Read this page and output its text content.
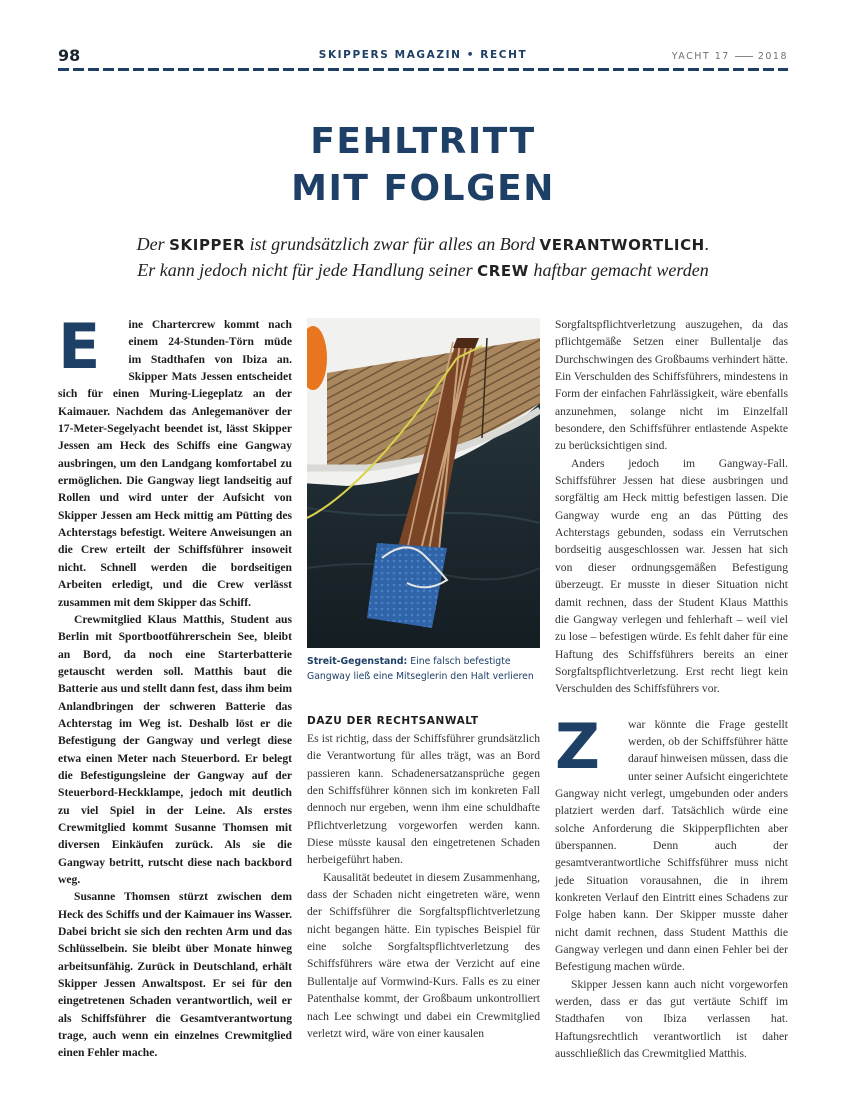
98	SKIPPERS MAGAZIN • RECHT	YACHT 17	2018
FEHLTRITT
MIT FOLGEN
Der SKIPPER ist grundsätzlich zwar für alles an Bord VERANTWORTLICH.
Er kann jedoch nicht für jede Handlung seiner CREW haftbar gemacht werden
E	ine Chartercrew kommt nach einem 24-Stunden-Törn müde im Stadthafen von Ibiza an. Skipper Mats Jessen entscheidet sich für einen Muring-Liegeplatz an der Kaimauer. Nachdem das Anlegemanöver der 17-Meter-Segelyacht beendet ist, lässt Skipper Jessen am Heck des Schiffs eine Gangway ausbringen, um den Landgang komfortabel zu ermöglichen. Die Gangway liegt landseitig auf Rollen und wird unter der Aufsicht von Skipper Jessen am Heck mittig am Pütting des Achterstags befestigt. Weitere Anweisungen an die Crew erteilt der Schiffsführer insoweit nicht. Schnell werden die bordseitigen Arbeiten erledigt, und die Crew verlässt zusammen mit dem Skipper das Schiff.

Crewmitglied Klaus Matthis, Student aus Berlin mit Sportbootführerschein See, bleibt an Bord, da noch eine Starterbatterie getauscht werden soll. Matthis baut die Batterie aus und stellt dann fest, dass ihm beim Anlandbringen der schweren Batterie das Achterstag im Weg ist. Deshalb löst er die Befestigung der Gangway und verlegt diese etwa einen Meter nach Steuerbord. Er belegt die Befestigungsleine der Gangway auf der Steuerbord-Heckklampe, jedoch mit deutlich zu viel Spiel in der Leine. Als erstes Crewmitglied kommt Susanne Thomsen mit diversen Einkäufen zurück. Als sie die Gangway betritt, rutscht diese nach backbord weg.

Susanne Thomsen stürzt zwischen dem Heck des Schiffs und der Kaimauer ins Wasser. Dabei bricht sie sich den rechten Arm und das Schlüsselbein. Sie bleibt über Monate hinweg arbeitsunfähig. Zurück in Deutschland, erhält Skipper Jessen Anwaltspost. Er sei für den eingetretenen Schaden verantwortlich, weil er als Schiffsführer die Gesamtverantwortung trage, auch wenn ein einzelnes Crewmitglied einen Fehler mache.

Streit-Gegenstand: Eine falsch befestigte Gangway ließ eine Mitseglerin den Halt verlieren
DAZU DER RECHTSANWALT

Es ist richtig, dass der Schiffsführer grundsätzlich die Verantwortung für alles trägt, was an Bord passieren kann. Schadenersatzansprüche gegen den Schiffsführer können sich im konkreten Fall dennoch nur ergeben, wenn ihm eine schuldhafte Pflichtverletzung vorgeworfen werden kann. Diese müsste kausal den eingetretenen Schaden herbeigeführt haben.

Kausalität bedeutet in diesem Zusammenhang, dass der Schaden nicht eingetreten wäre, wenn der Schiffsführer die Sorgfaltspflichtverletzung nicht begangen hätte. Ein typisches Beispiel für eine solche Sorgfaltspflichtverletzung des Schiffsführers wäre etwa der Verzicht auf eine Bullentalje auf Vormwind-Kurs. Falls es zu einer Patenthalse kommt, der Großbaum unkontrolliert nach Lee schwingt und dabei ein Crewmitglied verletzt wird, wäre von einer kausalen

Sorgfaltspflichtverletzung auszugehen, da das pflichtgemäße Setzen einer Bullentalje das Durchschwingen des Großbaums verhindert hätte. Ein Verschulden des Schiffsführers, mindestens in Form der einfachen Fahrlässigkeit, wäre ebenfalls anzunehmen, solange nicht im Einzelfall besondere, den Schiffsführer entlastende Aspekte zu berücksichtigen sind.

Anders jedoch im Gangway-Fall. Schiffsführer Jessen hat diese ausbringen und sorgfältig am Heck mittig befestigen lassen. Die Gangway wurde eng an das Pütting des Achterstags gebunden, sodass ein Verrutschen bordseitig ausgeschlossen war. Jessen hat sich von dieser ordnungsgemäßen Befestigung überzeugt. Er musste in dieser Situation nicht damit rechnen, dass der Student Klaus Matthis die Gangway verlegen und fehlerhaft – weil viel zu lose – befestigen würde. Es fehlt daher für eine Haftung des Schiffsführers bereits an einer Sorgfaltspflichtverletzung. Erst recht liegt kein Verschulden des Schiffsführers vor.

Z	war könnte die Frage gestellt werden, ob der Schiffsführer hätte darauf hinweisen müssen, dass die unter seiner Aufsicht eingerichtete Gangway nicht verlegt, umgebunden oder anders platziert werden darf. Tatsächlich würde eine solche Anforderung die Skipperpflichten aber überspannen. Denn auch der gesamtverantwortliche Schiffsführer muss nicht jede Situation vorausahnen, die in ihrem konkreten Verlauf den Eintritt eines Schadens zur Folge haben kann. Der Skipper musste daher nicht damit rechnen, dass Student Matthis die Gangway verlegen und dann einen Fehler bei der Befestigung machen würde.

Skipper Jessen kann auch nicht vorgeworfen werden, dass er das gut vertäute Schiff im Stadthafen von Ibiza verlassen hat. Haftungsrechtlich verantwortlich ist daher ausschließlich das Crewmitglied Matthis.
